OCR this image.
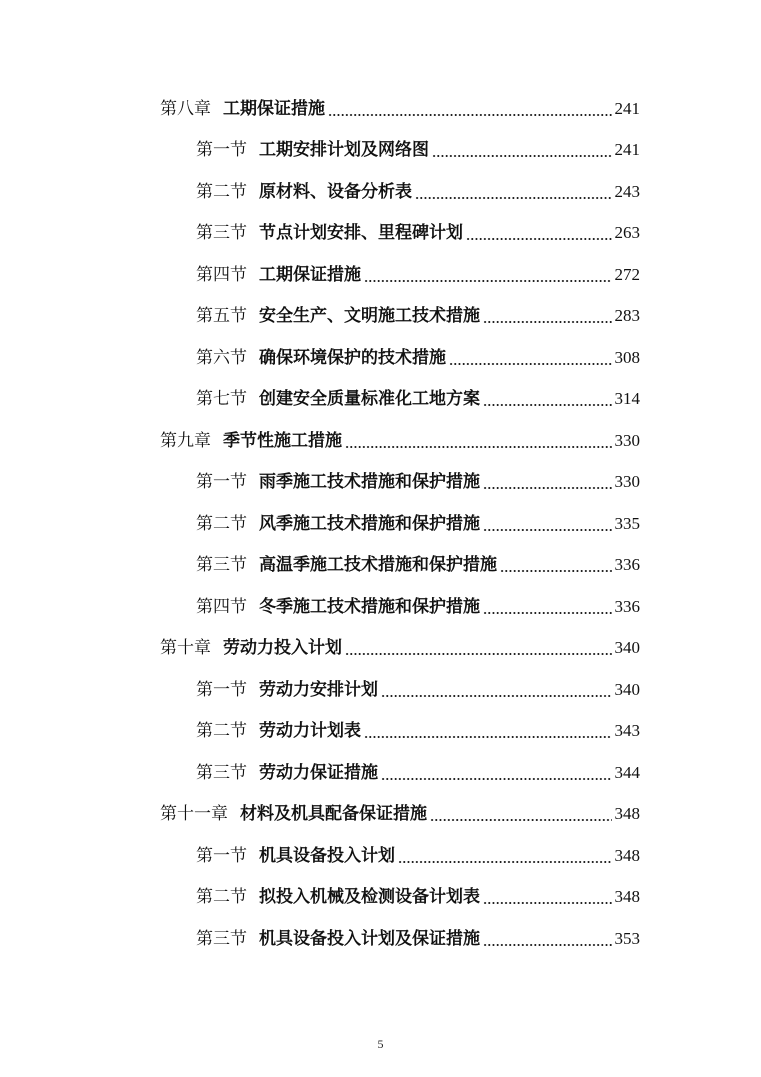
第八章 工期保证措施	241
第一节 工期安排计划及网络图	241
第二节 原材料、设备分析表	243
第三节 节点计划安排、里程碑计划	263
第四节 工期保证措施	272
第五节 安全生产、文明施工技术措施	283
第六节 确保环境保护的技术措施	308
第七节 创建安全质量标准化工地方案	314
第九章 季节性施工措施	330
第一节 雨季施工技术措施和保护措施	330
第二节 风季施工技术措施和保护措施	335
第三节 高温季施工技术措施和保护措施	336
第四节 冬季施工技术措施和保护措施	336
第十章 劳动力投入计划	340
第一节 劳动力安排计划	340
第二节 劳动力计划表	343
第三节 劳动力保证措施	344
第十一章 材料及机具配备保证措施	348
第一节 机具设备投入计划	348
第二节 拟投入机械及检测设备计划表	348
第三节 机具设备投入计划及保证措施	353
5
